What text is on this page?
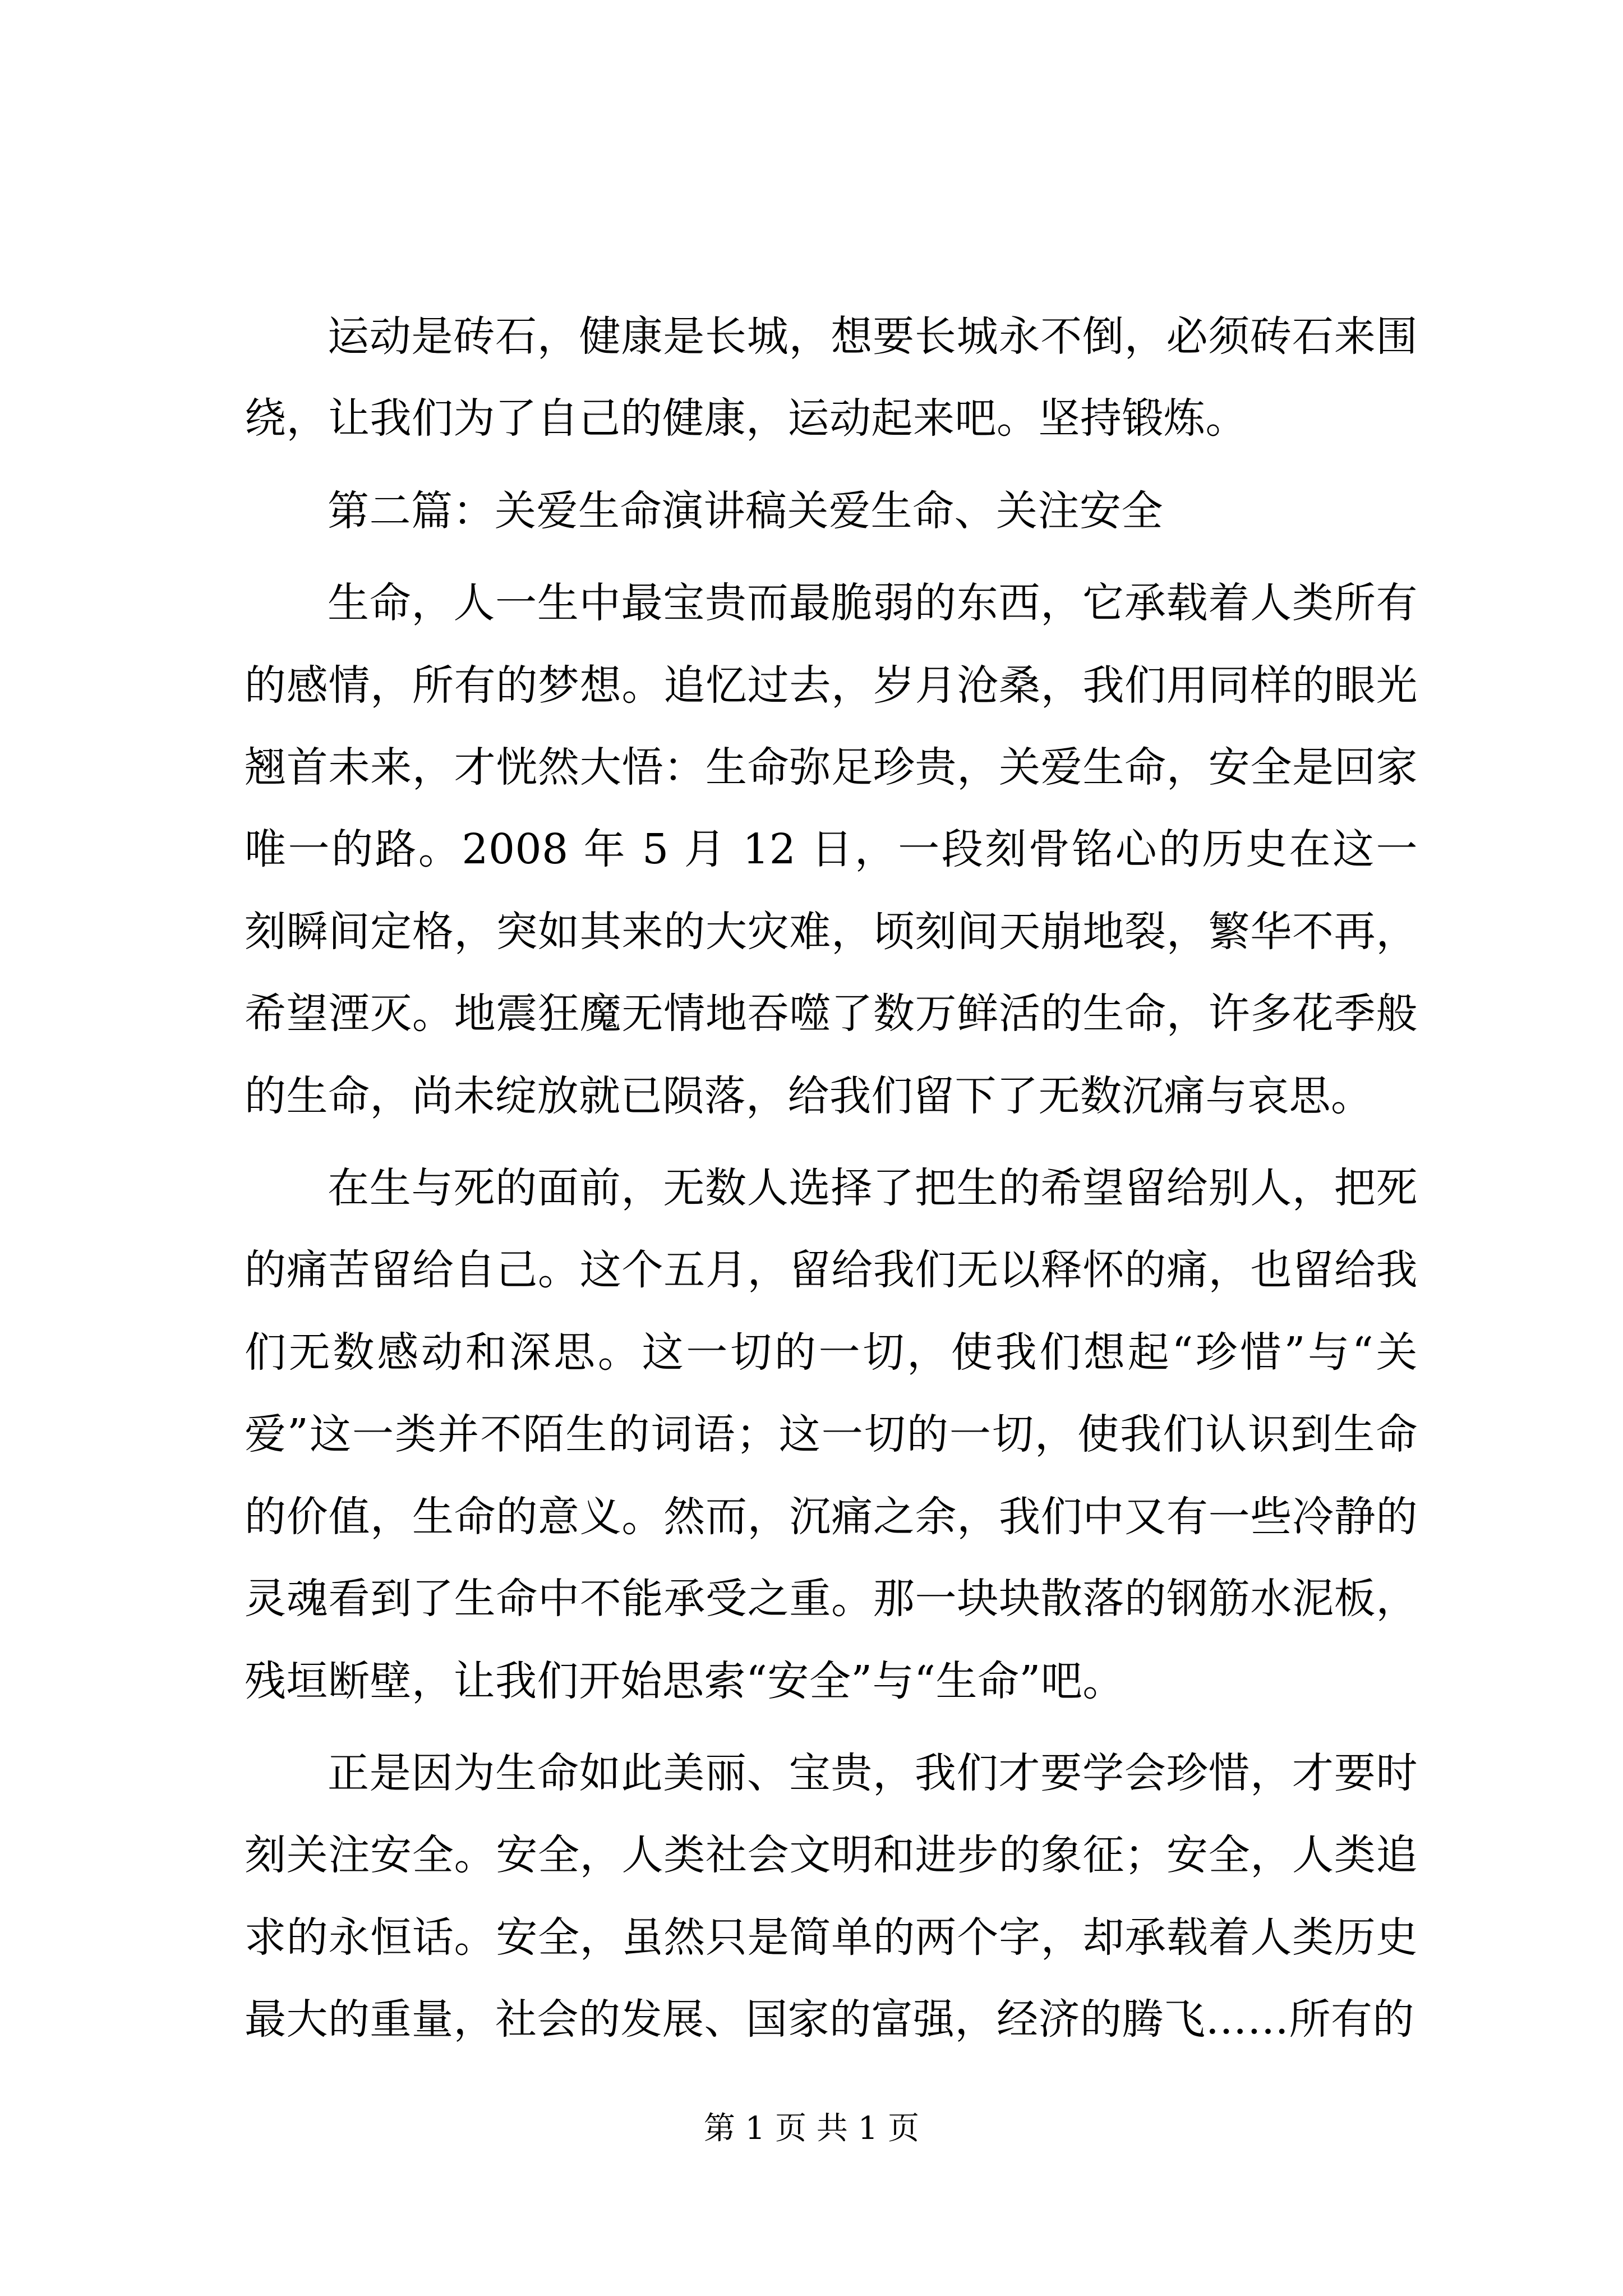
运动是砖石，健康是长城，想要长城永不倒，必须砖石来围绕，让我们为了自己的健康，运动起来吧。坚持锻炼。

第二篇：关爱生命演讲稿关爱生命、关注安全

生命，人一生中最宝贵而最脆弱的东西，它承载着人类所有的感情，所有的梦想。追忆过去，岁月沧桑，我们用同样的眼光翘首未来，才恍然大悟：生命弥足珍贵，关爱生命，安全是回家唯一的路。2008 年 5 月 12 日，一段刻骨铭心的历史在这一刻瞬间定格，突如其来的大灾难，顷刻间天崩地裂，繁华不再，希望湮灭。地震狂魔无情地吞噬了数万鲜活的生命，许多花季般的生命，尚未绽放就已陨落，给我们留下了无数沉痛与哀思。

在生与死的面前，无数人选择了把生的希望留给别人，把死的痛苦留给自己。这个五月，留给我们无以释怀的痛，也留给我们无数感动和深思。这一切的一切，使我们想起“珍惜”与“关爱”这一类并不陌生的词语；这一切的一切，使我们认识到生命的价值，生命的意义。然而，沉痛之余，我们中又有一些冷静的灵魂看到了生命中不能承受之重。那一块块散落的钢筋水泥板，残垣断壁，让我们开始思索“安全”与“生命”吧。

正是因为生命如此美丽、宝贵，我们才要学会珍惜，才要时刻关注安全。安全，人类社会文明和进步的象征；安全，人类追求的永恒话。安全，虽然只是简单的两个字，却承载着人类历史最大的重量，社会的发展、国家的富强，经济的腾飞……所有的

第 1 页 共 1 页
